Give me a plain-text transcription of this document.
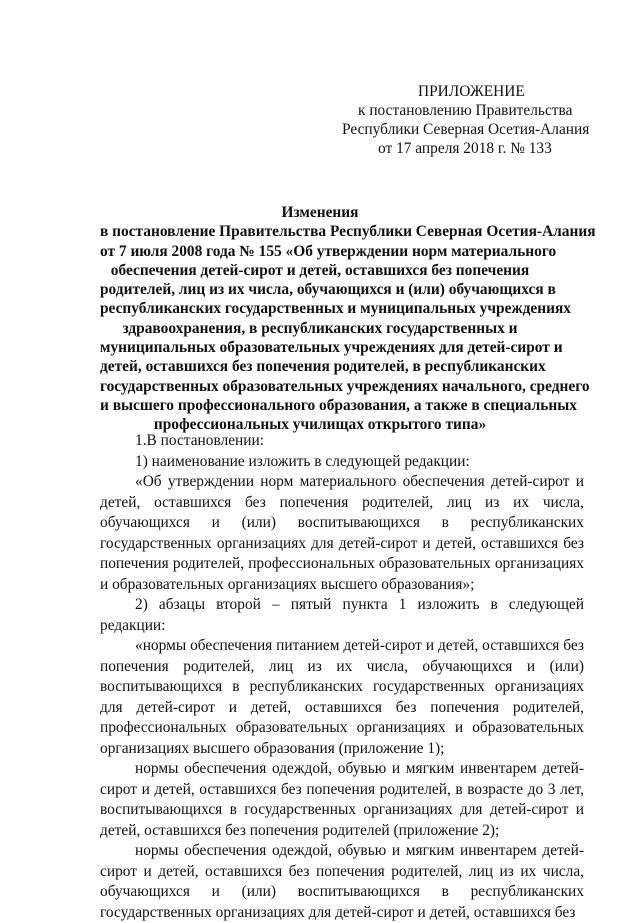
ПРИЛОЖЕНИЕ
к постановлению Правительства
Республики Северная Осетия-Алания
от 17 апреля 2018 г. № 133
Изменения
в постановление Правительства Республики Северная Осетия-Алания
от 7 июля 2008 года № 155 «Об утверждении норм материального
обеспечения детей-сирот и детей, оставшихся без попечения
родителей, лиц из их числа, обучающихся и (или) обучающихся в
республиканских государственных и муниципальных учреждениях
здравоохранения, в республиканских государственных и
муниципальных образовательных учреждениях для детей-сирот и
детей, оставшихся без попечения родителей, в республиканских
государственных образовательных учреждениях начального, среднего
и высшего профессионального образования, а также в специальных
профессиональных училищах открытого типа»

1.В постановлении:

1) наименование изложить в следующей редакции:

«Об утверждении норм материального обеспечения детей-сирот и детей, оставшихся без попечения родителей, лиц из их числа, обучающихся и (или) воспитывающихся в республиканских государственных организациях для детей-сирот и детей, оставшихся без попечения родителей, профессиональных образовательных организациях и образовательных организациях высшего образования»;

2) абзацы второй – пятый пункта 1 изложить в следующей редакции:

«нормы обеспечения питанием детей-сирот и детей, оставшихся без попечения родителей, лиц из их числа, обучающихся и (или) воспитывающихся в республиканских государственных организациях для детей-сирот и детей, оставшихся без попечения родителей, профессиональных образовательных организациях и образовательных организациях высшего образования (приложение 1);

нормы обеспечения одеждой, обувью и мягким инвентарем детей-сирот и детей, оставшихся без попечения родителей, в возрасте до 3 лет, воспитывающихся в государственных организациях для детей-сирот и детей, оставшихся без попечения родителей (приложение 2);

нормы обеспечения одеждой, обувью и мягким инвентарем детей-сирот и детей, оставшихся без попечения родителей, лиц из их числа, обучающихся и (или) воспитывающихся в республиканских государственных организациях для детей-сирот и детей, оставшихся без
